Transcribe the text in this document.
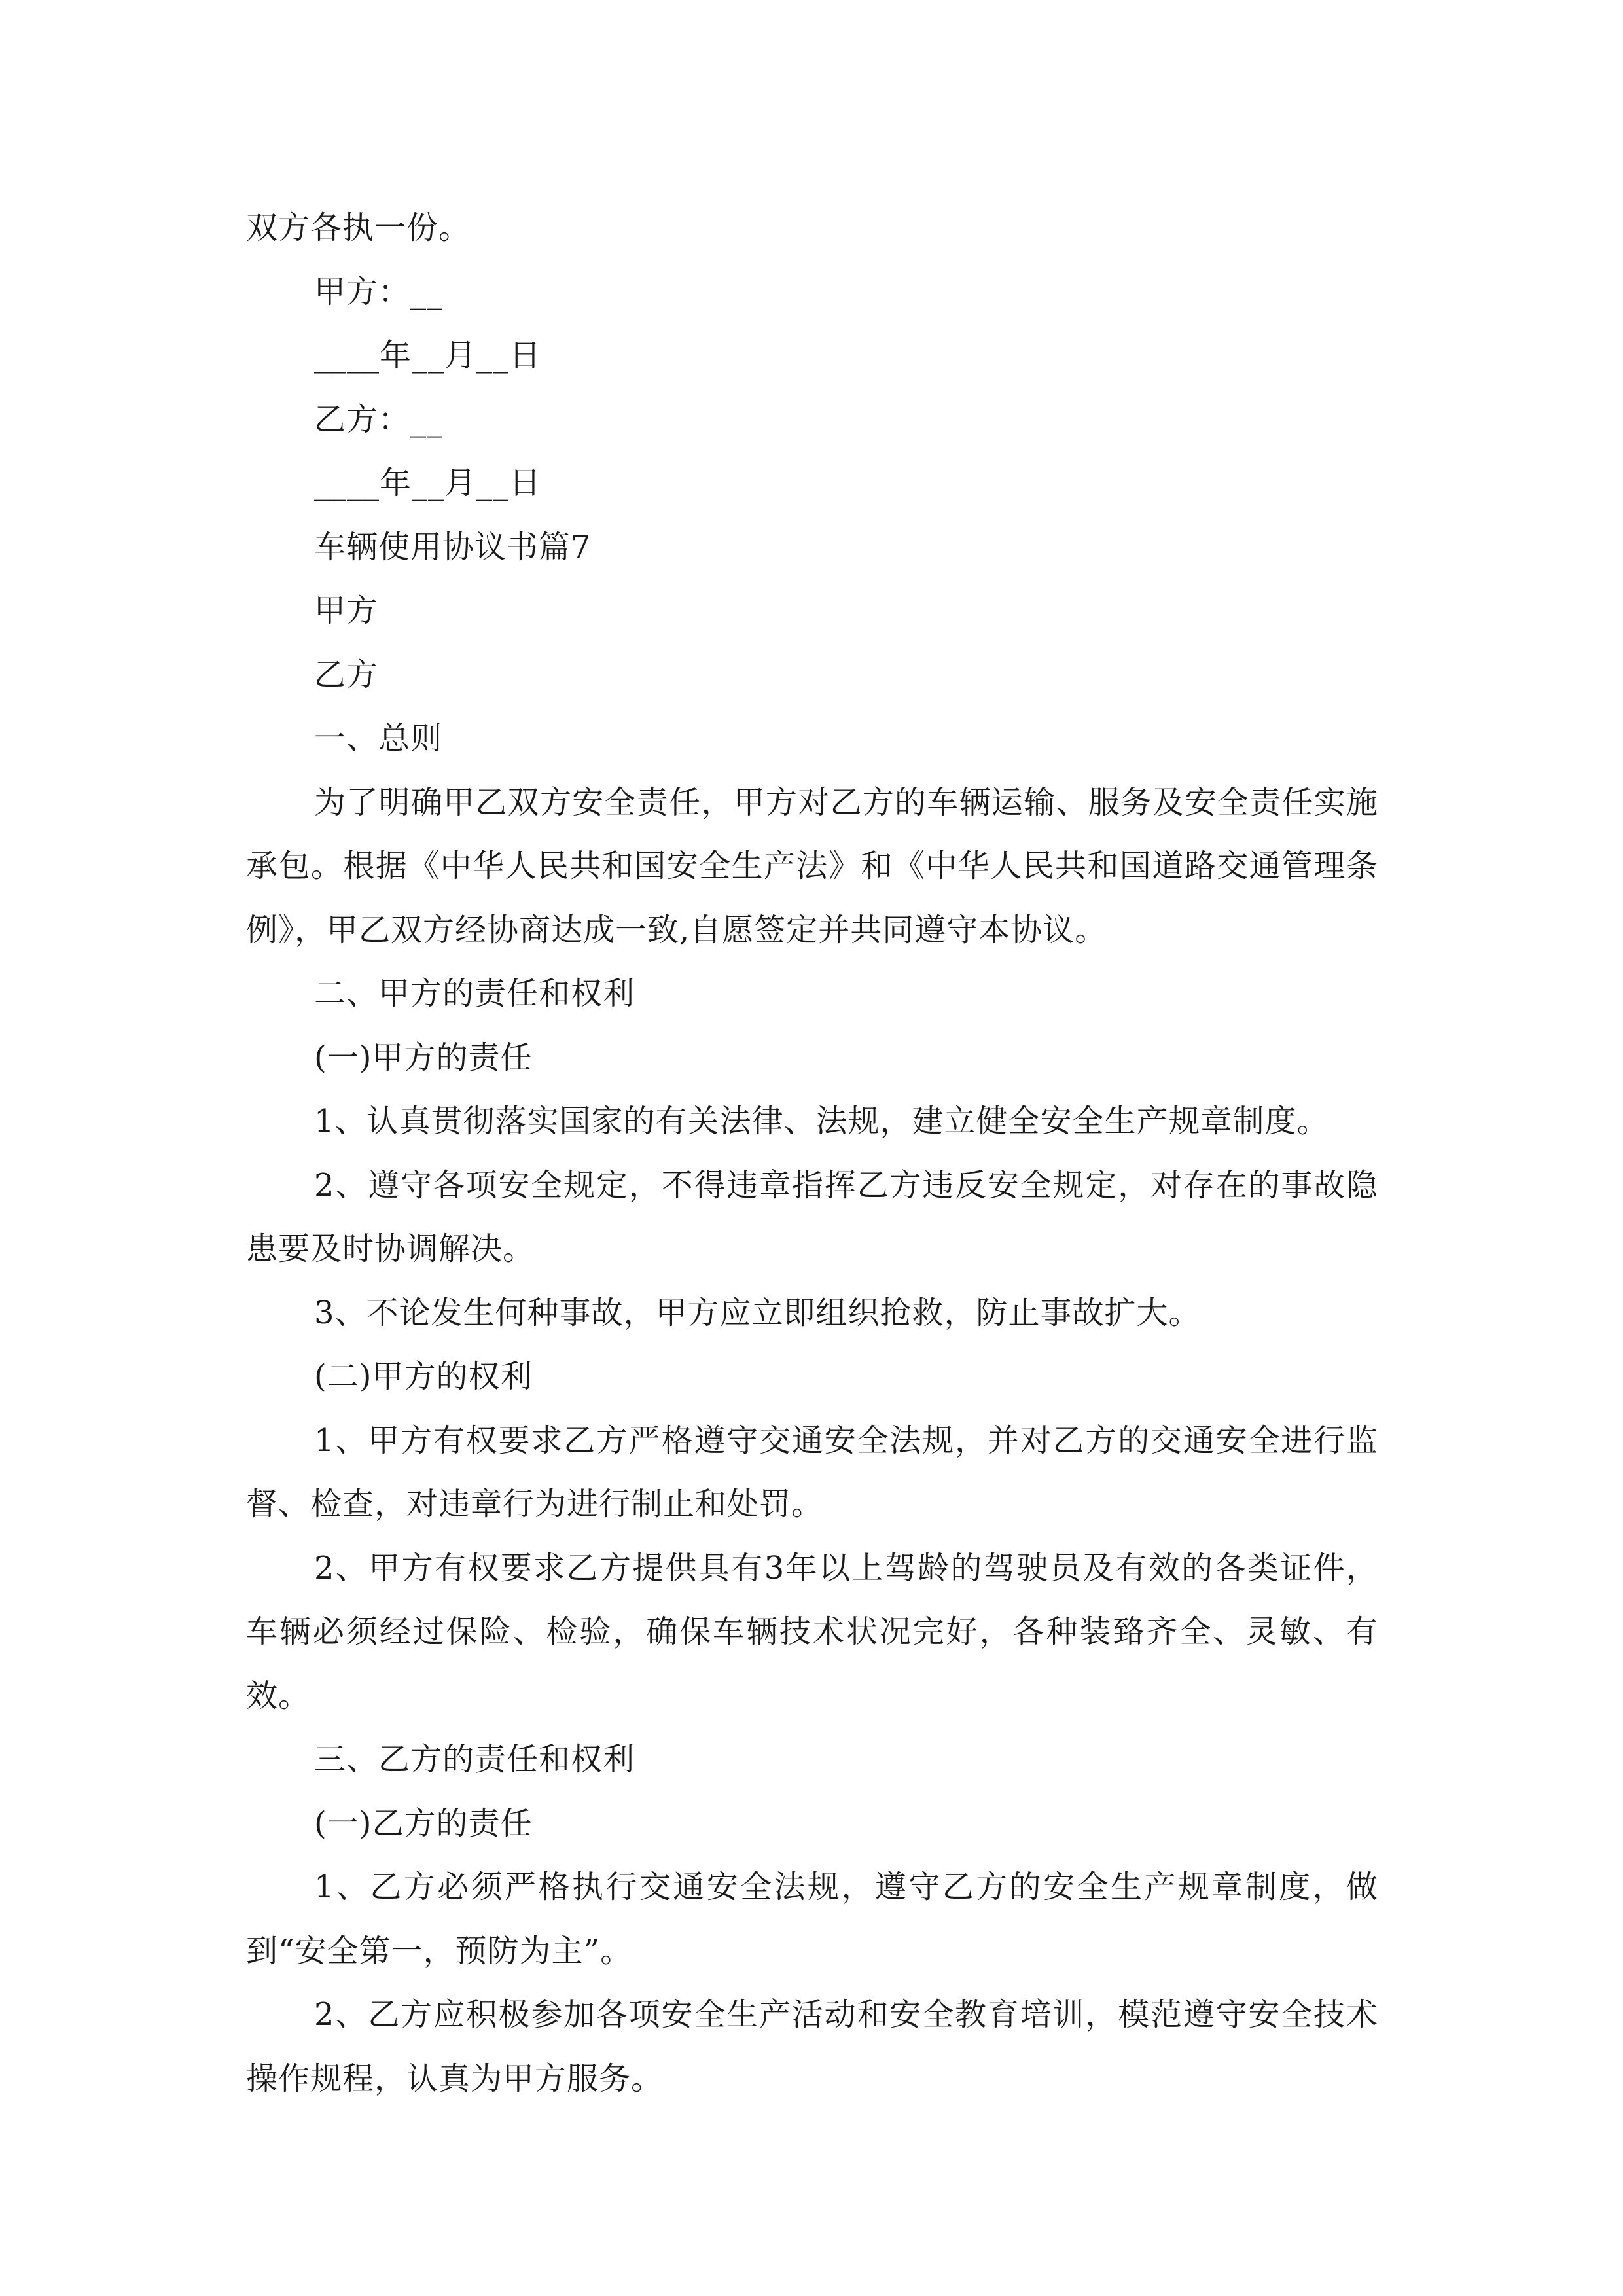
双方各执一份。

甲方：__

____年__月__日

乙方：__

____年__月__日

车辆使用协议书篇7

甲方

乙方

一、总则

为了明确甲乙双方安全责任，甲方对乙方的车辆运输、服务及安全责任实施承包。根据《中华人民共和国安全生产法》和《中华人民共和国道路交通管理条例》，甲乙双方经协商达成一致,自愿签定并共同遵守本协议。

二、甲方的责任和权利

(一)甲方的责任

1、认真贯彻落实国家的有关法律、法规，建立健全安全生产规章制度。

2、遵守各项安全规定，不得违章指挥乙方违反安全规定，对存在的事故隐患要及时协调解决。

3、不论发生何种事故，甲方应立即组织抢救，防止事故扩大。

(二)甲方的权利

1、甲方有权要求乙方严格遵守交通安全法规，并对乙方的交通安全进行监督、检查，对违章行为进行制止和处罚。

2、甲方有权要求乙方提供具有3年以上驾龄的驾驶员及有效的各类证件，车辆必须经过保险、检验，确保车辆技术状况完好，各种装臵齐全、灵敏、有效。

三、乙方的责任和权利

(一)乙方的责任

1、乙方必须严格执行交通安全法规，遵守乙方的安全生产规章制度，做到“安全第一，预防为主”。

2、乙方应积极参加各项安全生产活动和安全教育培训，模范遵守安全技术操作规程，认真为甲方服务。
